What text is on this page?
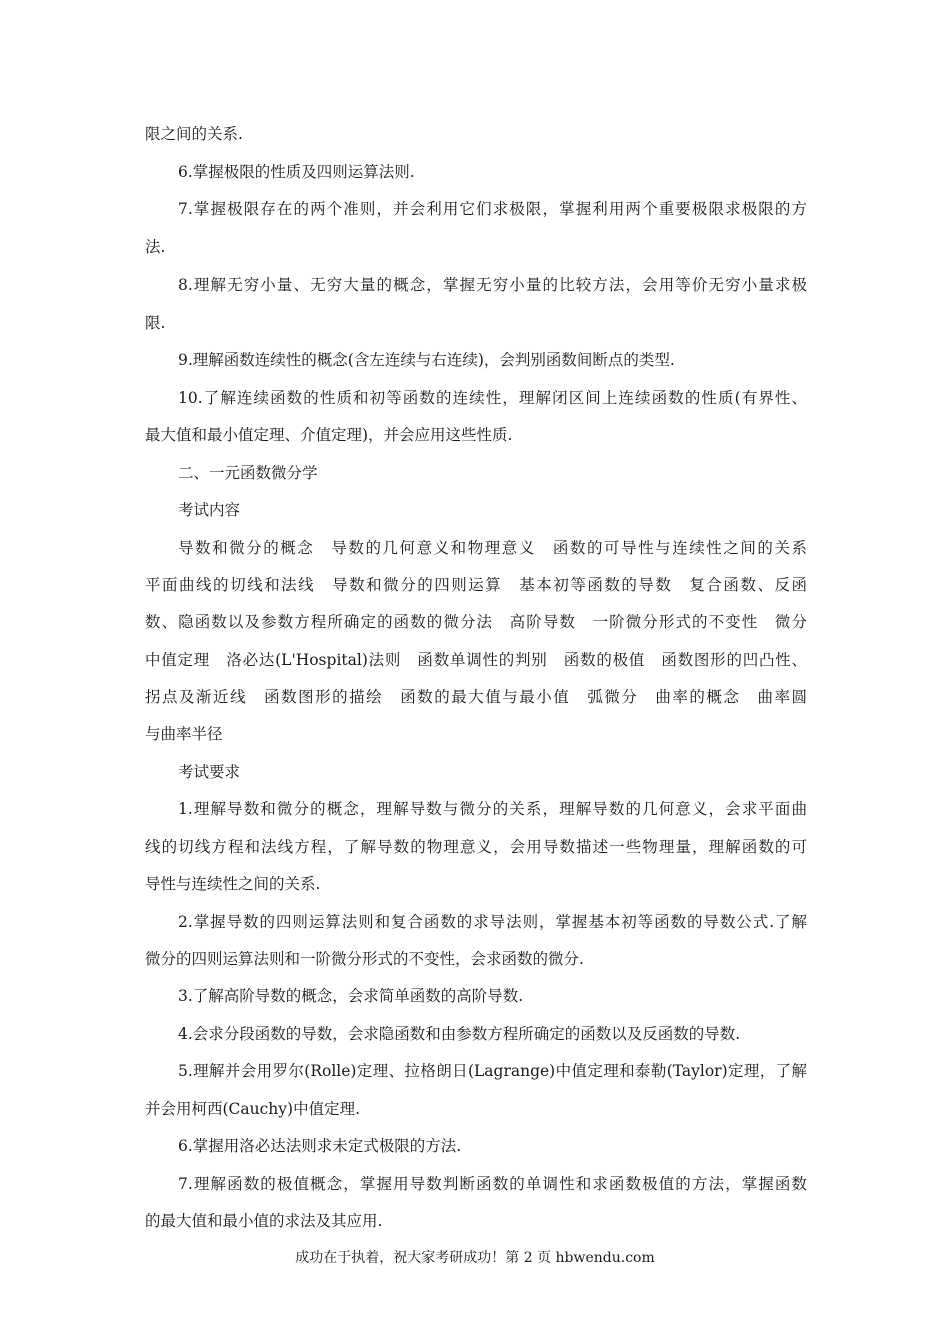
限之间的关系.
6.掌握极限的性质及四则运算法则.
7.掌握极限存在的两个准则，并会利用它们求极限，掌握利用两个重要极限求极限的方
法.
8.理解无穷小量、无穷大量的概念，掌握无穷小量的比较方法，会用等价无穷小量求极
限.
9.理解函数连续性的概念(含左连续与右连续)，会判别函数间断点的类型.
10.了解连续函数的性质和初等函数的连续性，理解闭区间上连续函数的性质(有界性、
最大值和最小值定理、介值定理)，并会应用这些性质.
二、一元函数微分学
考试内容
导数和微分的概念　导数的几何意义和物理意义　函数的可导性与连续性之间的关系
平面曲线的切线和法线　导数和微分的四则运算　基本初等函数的导数　复合函数、反函
数、隐函数以及参数方程所确定的函数的微分法　高阶导数　一阶微分形式的不变性　微分
中值定理　洛必达(L'Hospital)法则　函数单调性的判别　函数的极值　函数图形的凹凸性、
拐点及渐近线　函数图形的描绘　函数的最大值与最小值　弧微分　曲率的概念　曲率圆
与曲率半径
考试要求
1.理解导数和微分的概念，理解导数与微分的关系，理解导数的几何意义，会求平面曲
线的切线方程和法线方程，了解导数的物理意义，会用导数描述一些物理量，理解函数的可
导性与连续性之间的关系.
2.掌握导数的四则运算法则和复合函数的求导法则，掌握基本初等函数的导数公式.了解
微分的四则运算法则和一阶微分形式的不变性，会求函数的微分.
3.了解高阶导数的概念，会求简单函数的高阶导数.
4.会求分段函数的导数，会求隐函数和由参数方程所确定的函数以及反函数的导数.
5.理解并会用罗尔(Rolle)定理、拉格朗日(Lagrange)中值定理和泰勒(Taylor)定理，了解
并会用柯西(Cauchy)中值定理.
6.掌握用洛必达法则求未定式极限的方法.
7.理解函数的极值概念，掌握用导数判断函数的单调性和求函数极值的方法，掌握函数
的最大值和最小值的求法及其应用.
成功在于执着，祝大家考研成功！第 2 页 hbwendu.com
